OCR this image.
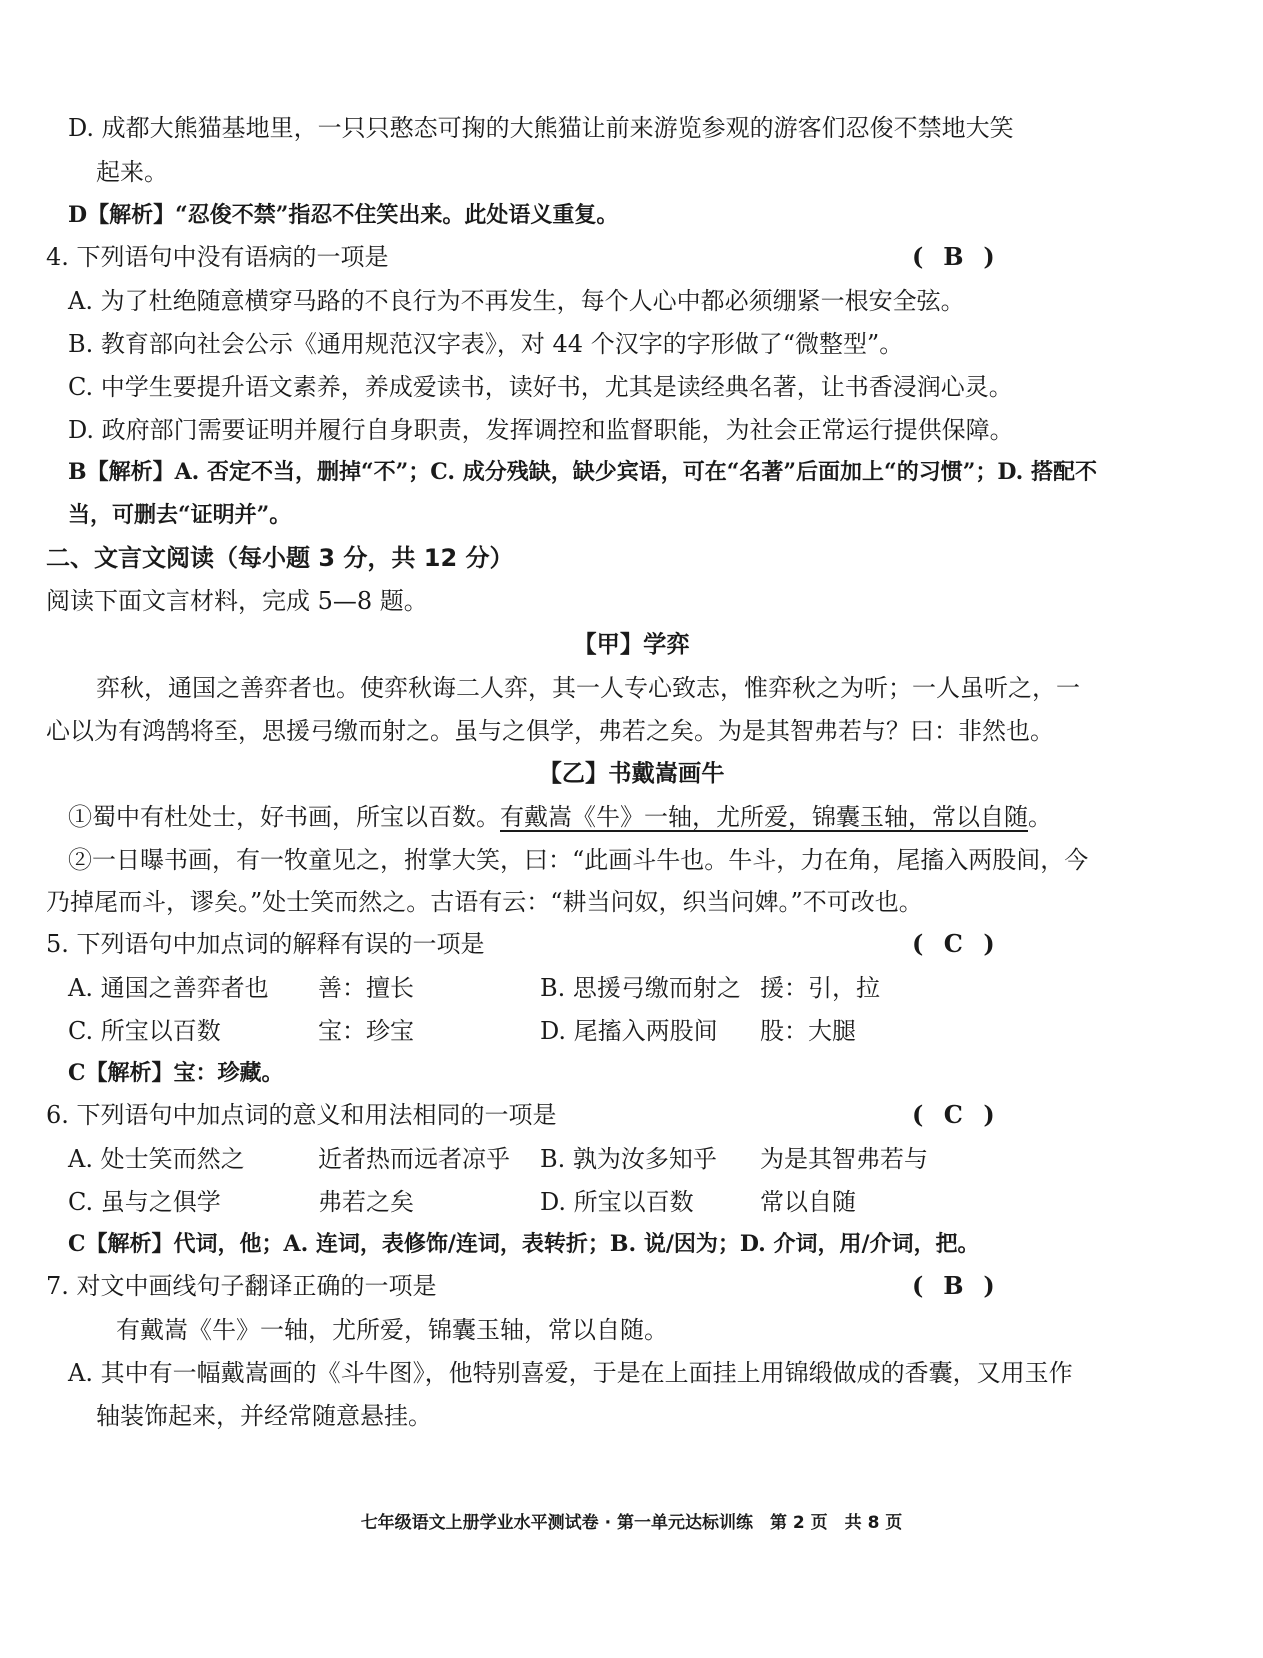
D. 成都大熊猫基地里，一只只憨态可掬的大熊猫让前来游览参观的游客们忍俊不禁地大笑
起来。
D【解析】“忍俊不禁”指忍不住笑出来。此处语义重复。
4. 下列语句中没有语病的一项是	( B )
A. 为了杜绝随意横穿马路的不良行为不再发生，每个人心中都必须绷紧一根安全弦。
B. 教育部向社会公示《通用规范汉字表》，对 44 个汉字的字形做了“微整型”。
C. 中学生要提升语文素养，养成爱读书，读好书，尤其是读经典名著，让书香浸润心灵。
D. 政府部门需要证明并履行自身职责，发挥调控和监督职能，为社会正常运行提供保障。
B【解析】A. 否定不当，删掉“不”；C. 成分残缺，缺少宾语，可在“名著”后面加上“的习惯”；D. 搭配不
当，可删去“证明并”。
二、文言文阅读（每小题 3 分，共 12 分）
阅读下面文言材料，完成 5—8 题。
【甲】学弈
弈秋，通国之善弈者也。使弈秋诲二人弈，其一人专心致志，惟弈秋之为听；一人虽听之，一
心以为有鸿鹄将至，思援弓缴而射之。虽与之俱学，弗若之矣。为是其智弗若与？曰：非然也。
【乙】书戴嵩画牛
①蜀中有杜处士，好书画，所宝以百数。有戴嵩《牛》一轴，尤所爱，锦囊玉轴，常以自随。
②一日曝书画，有一牧童见之，拊掌大笑，曰：“此画斗牛也。牛斗，力在角，尾搐入两股间，今
乃掉尾而斗，谬矣。”处士笑而然之。古语有云：“耕当问奴，织当问婢。”不可改也。
5. 下列语句中加点词的解释有误的一项是	( C )
A. 通国之善弈者也 善：擅长	B. 思援弓缴而射之 援：引，拉
C. 所宝以百数	宝：珍宝	D. 尾搐入两股间 股：大腿
C【解析】宝：珍藏。
6. 下列语句中加点词的意义和用法相同的一项是	( C )
A. 处士笑而然之	近者热而远者凉乎 B. 孰为汝多知乎 为是其智弗若与
C. 虽与之俱学	弗若之矣	D. 所宝以百数	常以自随
C【解析】代词，他；A. 连词，表修饰/连词，表转折；B. 说/因为；D. 介词，用/介词，把。
7. 对文中画线句子翻译正确的一项是	( B )
有戴嵩《牛》一轴，尤所爱，锦囊玉轴，常以自随。
A. 其中有一幅戴嵩画的《斗牛图》，他特别喜爱，于是在上面挂上用锦缎做成的香囊，又用玉作
轴装饰起来，并经常随意悬挂。
七年级语文上册学业水平测试卷 · 第一单元达标训练　第 2 页　共 8 页
